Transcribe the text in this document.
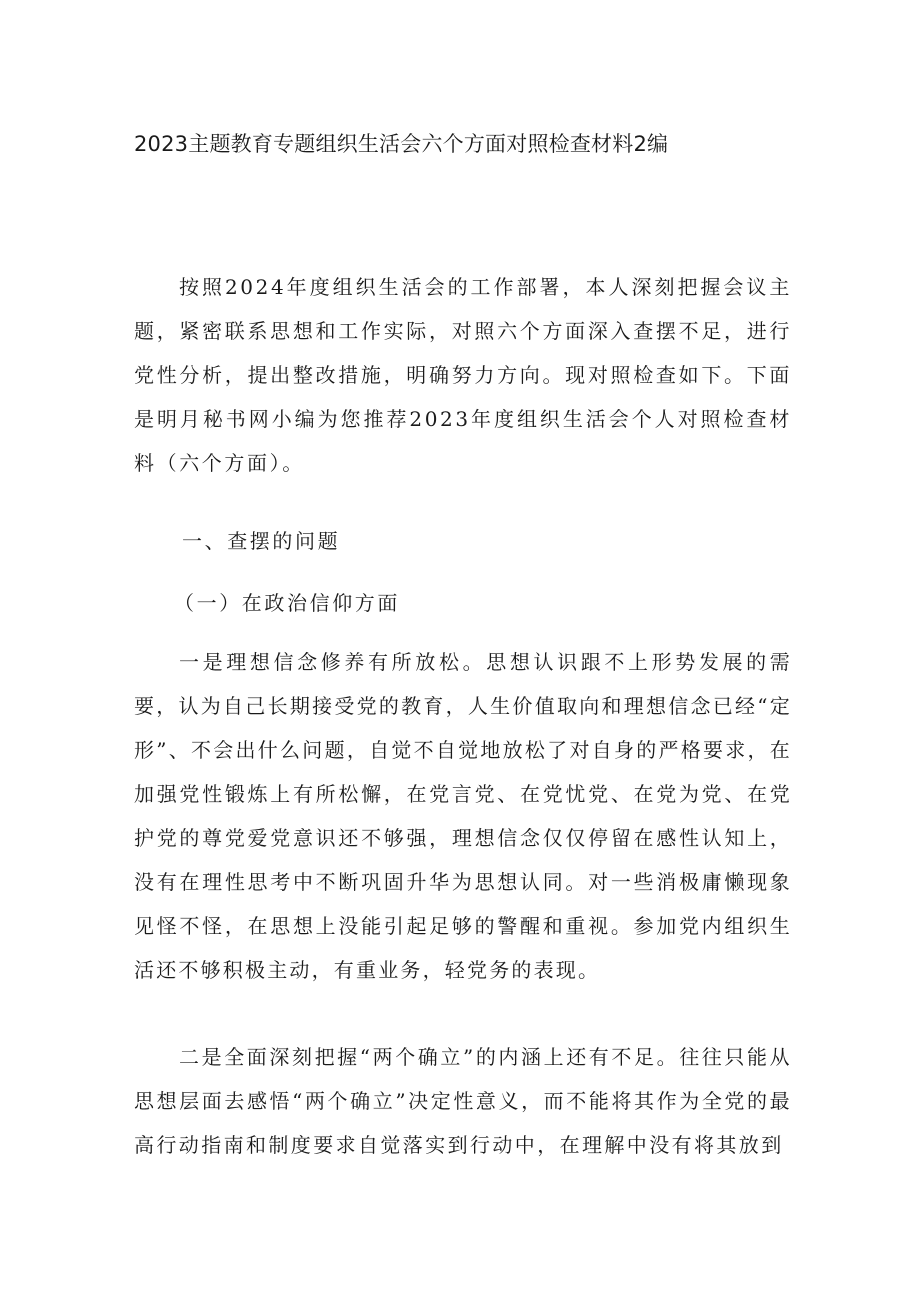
2023主题教育专题组织生活会六个方面对照检查材料2编

按照2024年度组织生活会的工作部署，本人深刻把握会议主题，紧密联系思想和工作实际，对照六个方面深入查摆不足，进行党性分析，提出整改措施，明确努力方向。现对照检查如下。下面是明月秘书网小编为您推荐2023年度组织生活会个人对照检查材料（六个方面）。

一、查摆的问题

（一）在政治信仰方面

一是理想信念修养有所放松。思想认识跟不上形势发展的需要，认为自己长期接受党的教育，人生价值取向和理想信念已经“定形”、不会出什么问题，自觉不自觉地放松了对自身的严格要求，在加强党性锻炼上有所松懈，在党言党、在党忧党、在党为党、在党护党的尊党爱党意识还不够强，理想信念仅仅停留在感性认知上，没有在理性思考中不断巩固升华为思想认同。对一些消极庸懒现象见怪不怪，在思想上没能引起足够的警醒和重视。参加党内组织生活还不够积极主动，有重业务，轻党务的表现。

二是全面深刻把握“两个确立”的内涵上还有不足。往往只能从思想层面去感悟“两个确立”决定性意义，而不能将其作为全党的最高行动指南和制度要求自觉落实到行动中，在理解中没有将其放到
